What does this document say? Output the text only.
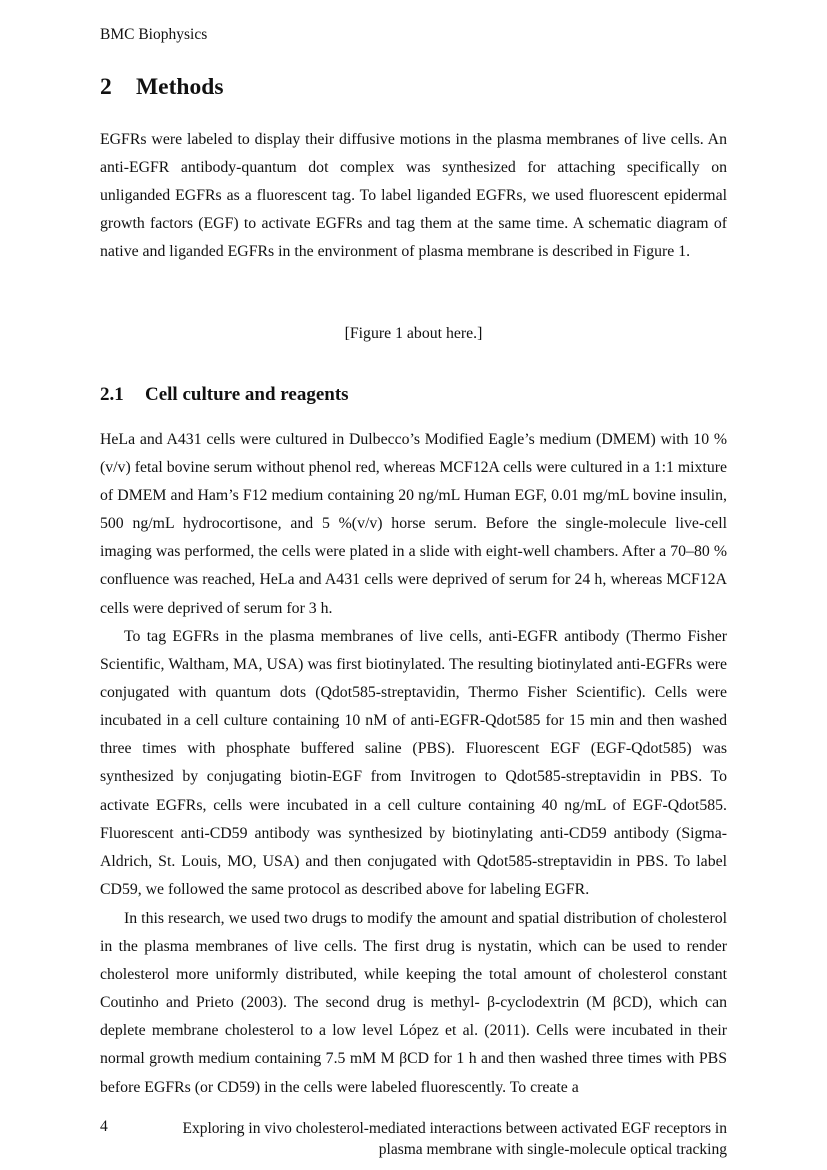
BMC Biophysics
2 Methods

EGFRs were labeled to display their diffusive motions in the plasma membranes of live cells. An anti-EGFR antibody-quantum dot complex was synthesized for attaching specifically on unliganded EGFRs as a fluorescent tag. To label liganded EGFRs, we used fluorescent epidermal growth factors (EGF) to activate EGFRs and tag them at the same time. A schematic diagram of native and liganded EGFRs in the environment of plasma membrane is described in Figure 1.

[Figure 1 about here.]
2.1 Cell culture and reagents

HeLa and A431 cells were cultured in Dulbecco’s Modified Eagle’s medium (DMEM) with 10 % (v/v) fetal bovine serum without phenol red, whereas MCF12A cells were cultured in a 1:1 mixture of DMEM and Ham’s F12 medium containing 20 ng/mL Human EGF, 0.01 mg/mL bovine insulin, 500 ng/mL hydrocortisone, and 5 %(v/v) horse serum. Before the single-molecule live-cell imaging was performed, the cells were plated in a slide with eight-well chambers. After a 70–80 % confluence was reached, HeLa and A431 cells were deprived of serum for 24 h, whereas MCF12A cells were deprived of serum for 3 h.

To tag EGFRs in the plasma membranes of live cells, anti-EGFR antibody (Thermo Fisher Scientific, Waltham, MA, USA) was first biotinylated. The resulting biotinylated anti-EGFRs were conjugated with quantum dots (Qdot585-streptavidin, Thermo Fisher Scientific). Cells were incubated in a cell culture containing 10 nM of anti-EGFR-Qdot585 for 15 min and then washed three times with phosphate buffered saline (PBS). Fluorescent EGF (EGF-Qdot585) was synthesized by conjugating biotin-EGF from Invitrogen to Qdot585-streptavidin in PBS. To activate EGFRs, cells were incubated in a cell culture containing 40 ng/mL of EGF-Qdot585. Fluorescent anti-CD59 antibody was synthesized by biotinylating anti-CD59 antibody (Sigma-Aldrich, St. Louis, MO, USA) and then conjugated with Qdot585-streptavidin in PBS. To label CD59, we followed the same protocol as described above for labeling EGFR.

In this research, we used two drugs to modify the amount and spatial distribution of cholesterol in the plasma membranes of live cells. The first drug is nystatin, which can be used to render cholesterol more uniformly distributed, while keeping the total amount of cholesterol constant Coutinho and Prieto (2003). The second drug is methyl- β-cyclodextrin (M βCD), which can deplete membrane cholesterol to a low level López et al. (2011). Cells were incubated in their normal growth medium containing 7.5 mM M βCD for 1 h and then washed three times with PBS before EGFRs (or CD59) in the cells were labeled fluorescently. To create a

4	Exploring in vivo cholesterol-mediated interactions between activated EGF receptors in
plasma membrane with single-molecule optical tracking
